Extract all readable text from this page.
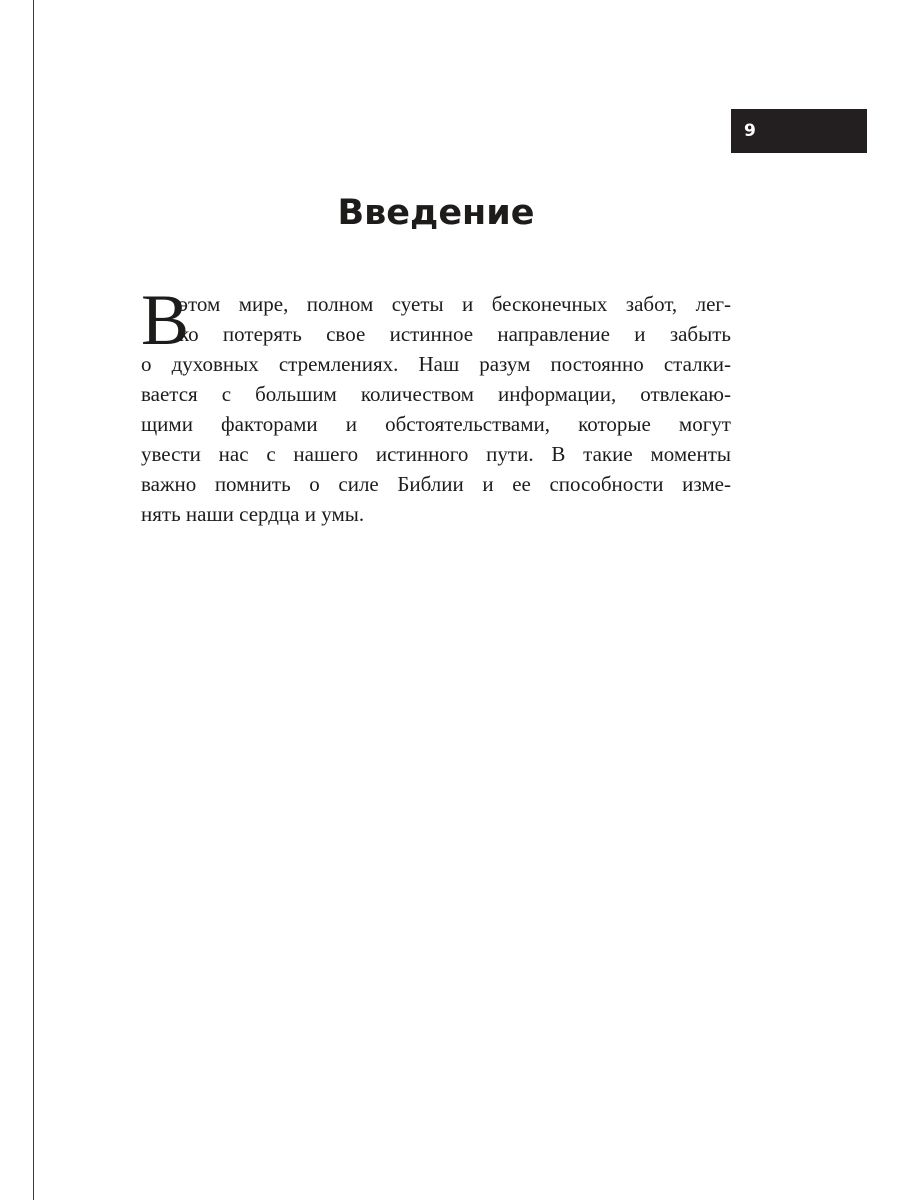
9
Введение
В
этом мире, полном суеты и бесконечных забот, лег-
ко потерять свое истинное направление и забыть
о духовных стремлениях. Наш разум постоянно сталки-
вается с большим количеством информации, отвлекаю-
щими факторами и обстоятельствами, которые могут
увести нас с нашего истинного пути. В такие моменты
важно помнить о силе Библии и ее способности изме-
нять наши сердца и умы.
